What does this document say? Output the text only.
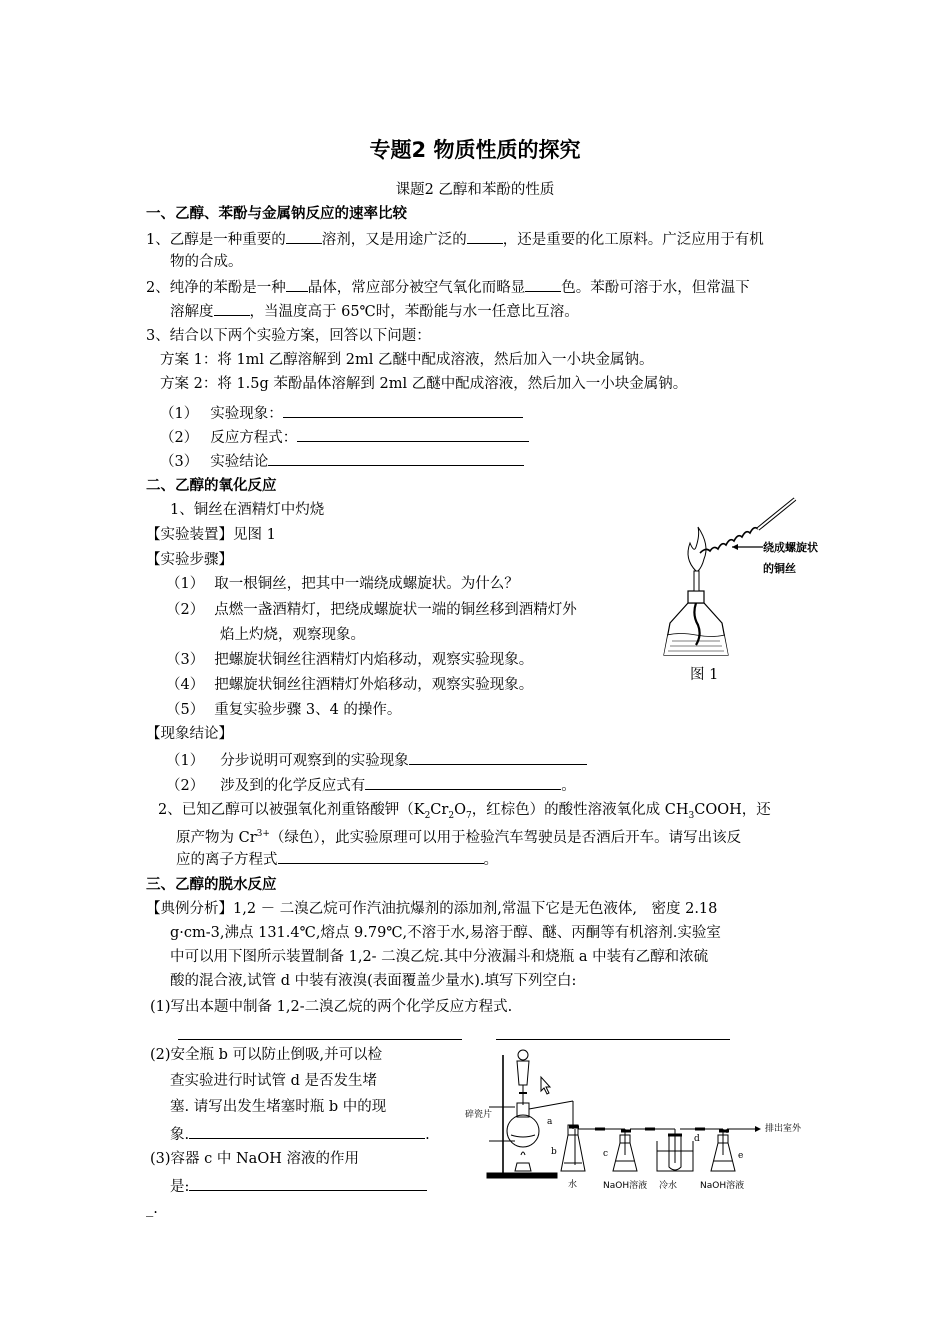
专题2 物质性质的探究
课题2 乙醇和苯酚的性质
一、乙醇、苯酚与金属钠反应的速率比较
1、乙醇是一种重要的 溶剂，又是用途广泛的 ，还是重要的化工原料。广泛应用于有机
物的合成。
2、纯净的苯酚是一种 晶体，常应部分被空气氧化而略显 色。苯酚可溶于水，但常温下
溶解度 ，当温度高于 65℃时，苯酚能与水一任意比互溶。
3、结合以下两个实验方案，回答以下问题：
方案 1：将 1ml 乙醇溶解到 2ml 乙醚中配成溶液，然后加入一小块金属钠。
方案 2：将 1.5g 苯酚晶体溶解到 2ml 乙醚中配成溶液，然后加入一小块金属钠。
（1） 实验现象：
（2） 反应方程式：
（3） 实验结论
二、乙醇的氧化反应
1、铜丝在酒精灯中灼烧
【实验装置】见图 1
【实验步骤】
（1） 取一根铜丝，把其中一端绕成螺旋状。为什么？
（2） 点燃一盏酒精灯，把绕成螺旋状一端的铜丝移到酒精灯外
焰上灼烧，观察现象。
（3） 把螺旋状铜丝往酒精灯内焰移动，观察实验现象。
（4） 把螺旋状铜丝往酒精灯外焰移动，观察实验现象。
（5） 重复实验步骤 3、4 的操作。
【现象结论】
（1） 分步说明可观察到的实验现象
（2） 涉及到的化学反应式有	。
2、已知乙醇可以被强氧化剂重铬酸钾（$K_2Cr_2O_7$，红棕色）的酸性溶液氧化成 $CH_3COOH$，还
原产物为 $Cr^{3+}$（绿色），此实验原理可以用于检验汽车驾驶员是否酒后开车。请写出该反
应的离子方程式	。
绕成螺旋状
的铜丝
图 1
三、乙醇的脱水反应
【典例分析】1,2 － 二溴乙烷可作汽油抗爆剂的添加剂,常温下它是无色液体,　密度 2.18
g·cm-3,沸点 131.4℃,熔点 9.79℃,不溶于水,易溶于醇、醚、丙酮等有机溶剂.实验室
中可以用下图所示装置制备 1,2- 二溴乙烷.其中分液漏斗和烧瓶 a 中装有乙醇和浓硫
酸的混合液,试管 d 中装有液溴(表面覆盖少量水).填写下列空白:
(1)写出本题中制备 1,2-二溴乙烷的两个化学反应方程式.
(2)安全瓶 b 可以防止倒吸,并可以检
查实验进行时试管 d 是否发生堵
塞. 请写出发生堵塞时瓶 b 中的现
象.	.
(3)容器 c 中 NaOH 溶液的作用
是:
_.
碎瓷片
a
b	c
d
e
排出室外
水	NaOH溶液 冷水	NaOH溶液
